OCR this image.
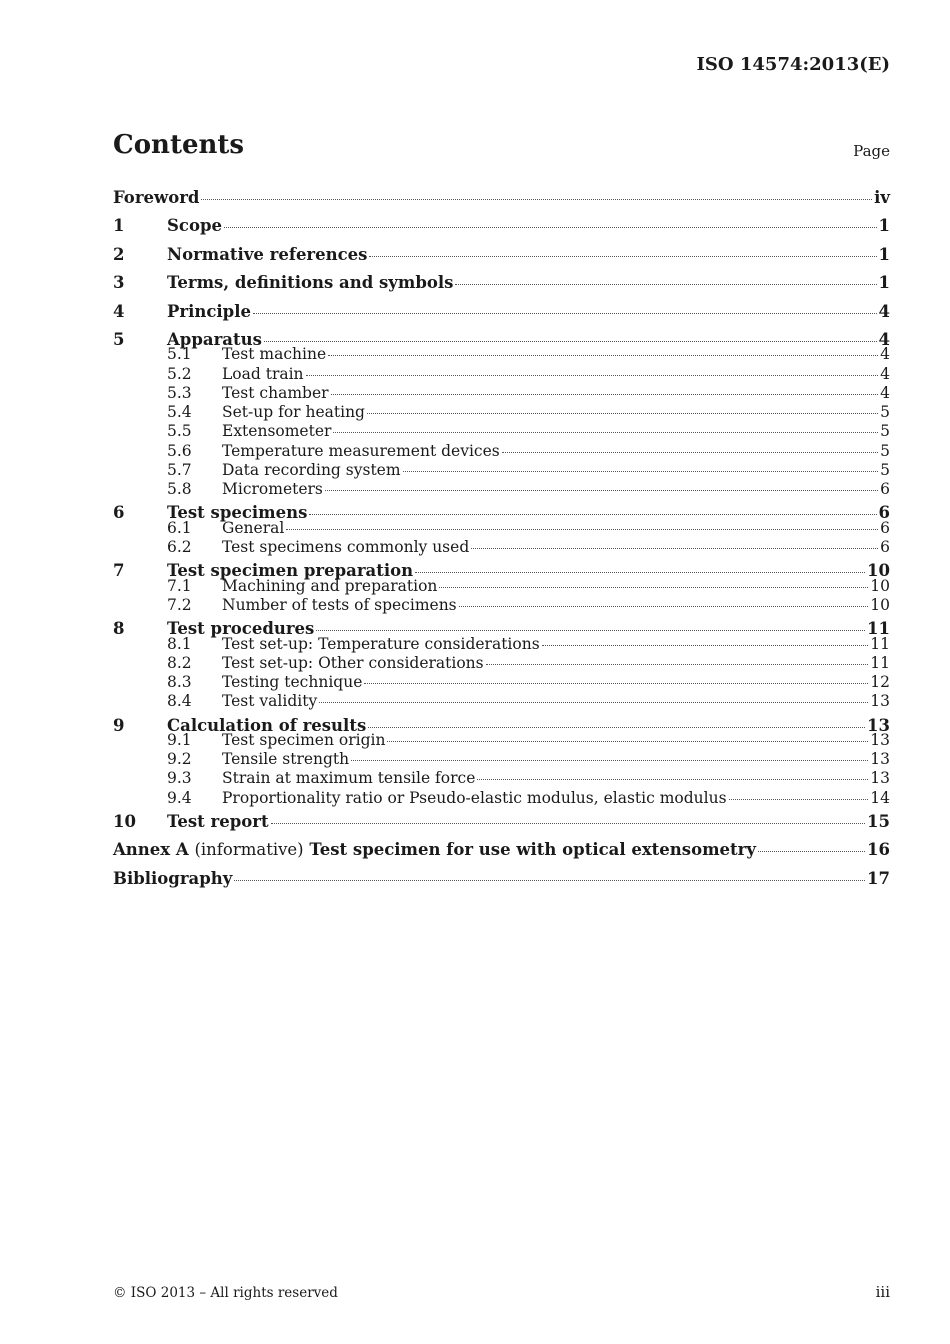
ISO 14574:2013(E)
Contents	Page
Foreword	iv
1	Scope	1
2	Normative references	1
3	Terms, definitions and symbols	1
4	Principle	4
5	Apparatus	4
5.1	Test machine	4
5.2	Load train	4
5.3	Test chamber	4
5.4	Set-up for heating	5
5.5	Extensometer	5
5.6	Temperature measurement devices	5
5.7	Data recording system	5
5.8	Micrometers	6
6	Test specimens	6
6.1	General	6
6.2	Test specimens commonly used	6
7	Test specimen preparation	10
7.1	Machining and preparation	10
7.2	Number of tests of specimens	10
8	Test procedures	11
8.1	Test set-up: Temperature considerations	11
8.2	Test set-up: Other considerations	11
8.3	Testing technique	12
8.4	Test validity	13
9	Calculation of results	13
9.1	Test specimen origin	13
9.2	Tensile strength	13
9.3	Strain at maximum tensile force	13
9.4	Proportionality ratio or Pseudo-elastic modulus, elastic modulus	14
10	Test report	15
Annex A (informative) Test specimen for use with optical extensometry	16
Bibliography	17
© ISO 2013 – All rights reserved	iii
